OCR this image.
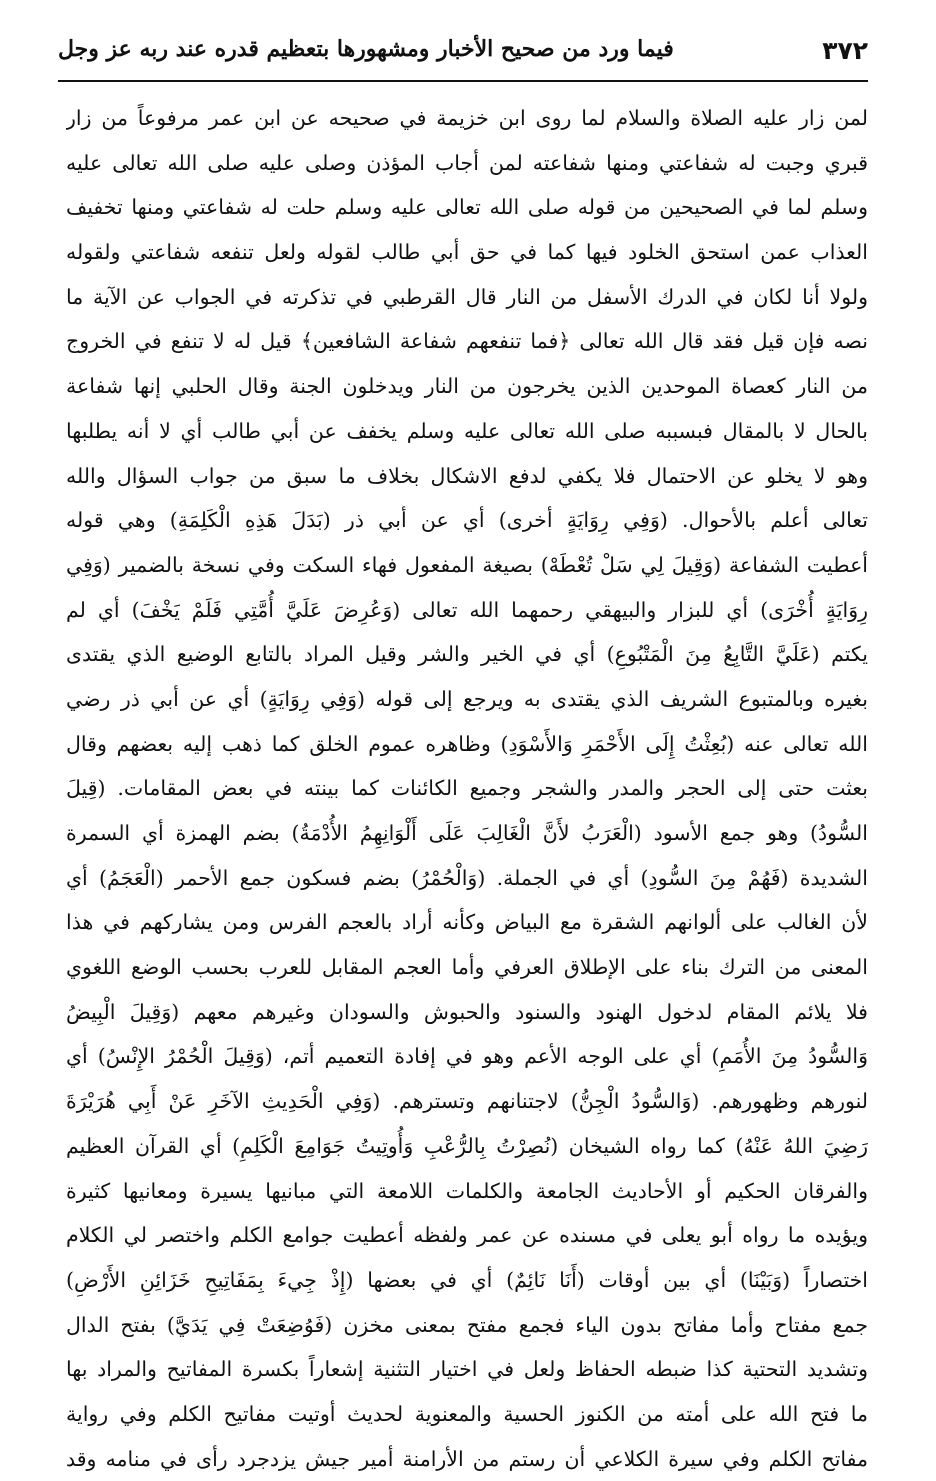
٣٧٢
فيما ورد من صحيح الأخبار ومشهورها بتعظيم قدره عند ربه عز وجل
لمن زار عليه الصلاة والسلام لما روى ابن خزيمة في صحيحه عن ابن عمر مرفوعاً من زار
قبري وجبت له شفاعتي ومنها شفاعته لمن أجاب المؤذن وصلى عليه صلى الله تعالى عليه
وسلم لما في الصحيحين من قوله صلى الله تعالى عليه وسلم حلت له شفاعتي ومنها تخفيف
العذاب عمن استحق الخلود فيها كما في حق أبي طالب لقوله ولعل تنفعه شفاعتي ولقوله
ولولا أنا لكان في الدرك الأسفل من النار قال القرطبي في تذكرته في الجواب عن الآية ما
نصه فإن قيل فقد قال الله تعالى ﴿فما تنفعهم شفاعة الشافعين﴾ قيل له لا تنفع في الخروج
من النار كعصاة الموحدين الذين يخرجون من النار ويدخلون الجنة وقال الحلبي إنها شفاعة
بالحال لا بالمقال فبسببه صلى الله تعالى عليه وسلم يخفف عن أبي طالب أي لا أنه يطلبها
وهو لا يخلو عن الاحتمال فلا يكفي لدفع الاشكال بخلاف ما سبق من جواب السؤال والله
تعالى أعلم بالأحوال. (وَفِي رِوَايَةٍ أخرى) أي عن أبي ذر (بَدَلَ هَذِهِ الْكَلِمَةِ) وهي قوله
أعطيت الشفاعة (وَقِيلَ لِي سَلْ تُعْطَهْ) بصيغة المفعول فهاء السكت وفي نسخة بالضمير (وَفِي
رِوَايَةٍ أُخْرَى) أي للبزار والبيهقي رحمهما الله تعالى (وَعُرِضَ عَلَيَّ أُمَّتِي فَلَمْ يَخْفَ) أي لم
يكتم (عَلَيَّ التَّابِعُ مِنَ الْمَتْبُوعِ) أي في الخير والشر وقيل المراد بالتابع الوضيع الذي يقتدى
بغيره وبالمتبوع الشريف الذي يقتدى به ويرجع إلى قوله (وَفِي رِوَايَةٍ) أي عن أبي ذر رضي
الله تعالى عنه (بُعِثْتُ إِلَى الأَحْمَرِ وَالأَسْوَدِ) وظاهره عموم الخلق كما ذهب إليه بعضهم وقال
بعثت حتى إلى الحجر والمدر والشجر وجميع الكائنات كما بينته في بعض المقامات. (قِيلَ
السُّودُ) وهو جمع الأسود (الْعَرَبُ لأَنَّ الْغَالِبَ عَلَى أَلْوَانِهِمُ الأُدْمَةُ) بضم الهمزة أي السمرة
الشديدة (فَهُمْ مِنَ السُّودِ) أي في الجملة. (وَالْحُمْرُ) بضم فسكون جمع الأحمر (الْعَجَمُ) أي
لأن الغالب على ألوانهم الشقرة مع البياض وكأنه أراد بالعجم الفرس ومن يشاركهم في هذا
المعنى من الترك بناء على الإطلاق العرفي وأما العجم المقابل للعرب بحسب الوضع اللغوي
فلا يلائم المقام لدخول الهنود والسنود والحبوش والسودان وغيرهم معهم (وَقِيلَ الْبِيضُ
وَالسُّودُ مِنَ الأُمَمِ) أي على الوجه الأعم وهو في إفادة التعميم أتم، (وَقِيلَ الْحُمْرُ الإِنْسُ) أي
لنورهم وظهورهم. (وَالسُّودُ الْجِنُّ) لاجتنانهم وتسترهم. (وَفِي الْحَدِيثِ الآخَرِ عَنْ أَبِي هُرَيْرَةَ
رَضِيَ اللهُ عَنْهُ) كما رواه الشيخان (نُصِرْتُ بِالرُّعْبِ وَأُوتِيتُ جَوَامِعَ الْكَلِمِ) أي القرآن العظيم
والفرقان الحكيم أو الأحاديث الجامعة والكلمات اللامعة التي مبانيها يسيرة ومعانيها كثيرة
ويؤيده ما رواه أبو يعلى في مسنده عن عمر ولفظه أعطيت جوامع الكلم واختصر لي الكلام
اختصاراً (وَبَيْنَا) أي بين أوقات (أَنَا نَائِمٌ) أي في بعضها (إِذْ جِيءَ بِمَفَاتِيحِ خَزَائِنِ الأَرْضِ)
جمع مفتاح وأما مفاتح بدون الياء فجمع مفتح بمعنى مخزن (فَوُضِعَتْ فِي يَدَيَّ) بفتح الدال
وتشديد التحتية كذا ضبطه الحفاظ ولعل في اختيار التثنية إشعاراً بكسرة المفاتيح والمراد بها
ما فتح الله على أمته من الكنوز الحسية والمعنوية لحديث أوتيت مفاتيح الكلم وفي رواية
مفاتح الكلم وفي سيرة الكلاعي أن رستم من الأرامنة أمير جيش يزدجرد رأى في منامه وقد
